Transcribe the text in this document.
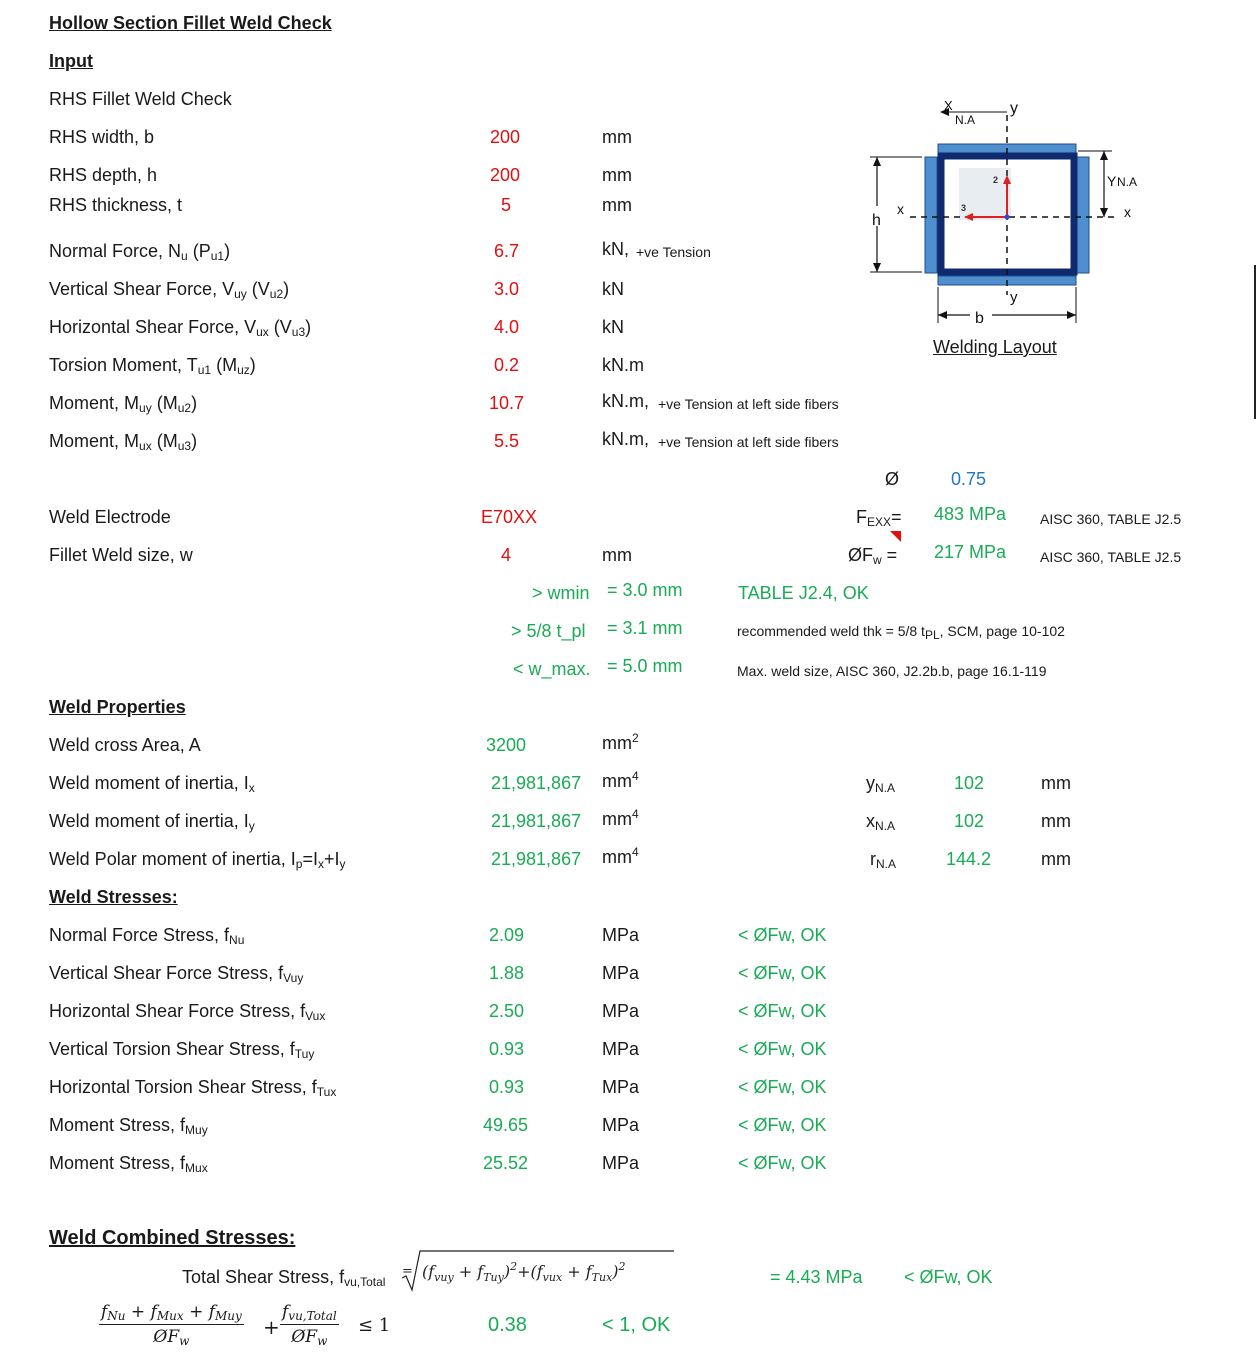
Hollow Section Fillet Weld Check
Input
RHS Fillet Weld Check
RHS width, b	200	mm
RHS depth, h	200	mm
RHS thickness, t	5	mm
Normal Force, $N_u$ $(P_{u1})$	6.7	kN, +ve Tension
Vertical Shear Force, $V_{uy}$ $(V_{u2})$	3.0	kN
Horizontal Shear Force, $V_{ux}$ $(V_{u3})$	4.0	kN
Torsion Moment, $T_{u1}$ $(M_{uz})$	0.2	kN.m
Moment, $M_{uy}$ $(M_{u2})$	10.7	kN.m, +ve Tension at left side fibers
Moment, $M_{ux}$ $(M_{u3})$	5.5	kN.m, +ve Tension at left side fibers
Ø	0.75
Weld Electrode	E70XX	$F_{EXX}= 483$ MPa AISC 360, TABLE J2.5
Fillet Weld size, w	4	mm	$ØF_w = 217$ MPa AISC 360, TABLE J2.5
> wmin = 3.0 mm	TABLE J2.4, OK
> 5/8 t_pl = 3.1 mm	recommended weld thk = 5/8 $t_{PL}$, SCM, page 10-102
< w_max. = 5.0 mm	Max. weld size, AISC 360, J2.2b.b, page 16.1-119
2
3
h
x	x
b
y
y
X
N.A
Y N.A
Welding Layout
Weld Properties
Weld cross Area, A	3200	$mm^2$
Weld moment of inertia, $I_x$	21,981,867 $mm^4$	$y_{N.A}$	102	mm
Weld moment of inertia, $I_y$	21,981,867 $mm^4$	$x_{N.A}$	102	mm
Weld Polar moment of inertia, $I_p=I_x+I_y$	21,981,867 $mm^4$	$r_{N.A}$	144.2	mm
Weld Stresses:
Normal Force Stress, $f_{Nu}$	2.09	MPa	< ØFw, OK
Vertical Shear Force Stress, $f_{Vuy}$	1.88	MPa	< ØFw, OK
Horizontal Shear Force Stress, $f_{Vux}$	2.50	MPa	< ØFw, OK
Vertical Torsion Shear Stress, $f_{Tuy}$	0.93	MPa	< ØFw, OK
Horizontal Torsion Shear Stress, $f_{Tux}$	0.93	MPa	< ØFw, OK
Moment Stress, $f_{Muy}$	49.65	MPa	< ØFw, OK
Moment Stress, $f_{Mux}$	25.52	MPa	< ØFw, OK
Weld Combined Stresses:
Total Shear Stress, $f_{vu,Total}$
= $(f_{vuy} + f_{Tuy})^2+(f_{vux} + f_{Tux})^2$
= 4.43 MPa < ØFw, OK
$f_{Nu} + f_{Mux} + f_{Muy}$
$ØF_w$
+
$f_{vu,Total}$
$ØF_w$
≤ 1	0.38	< 1, OK
